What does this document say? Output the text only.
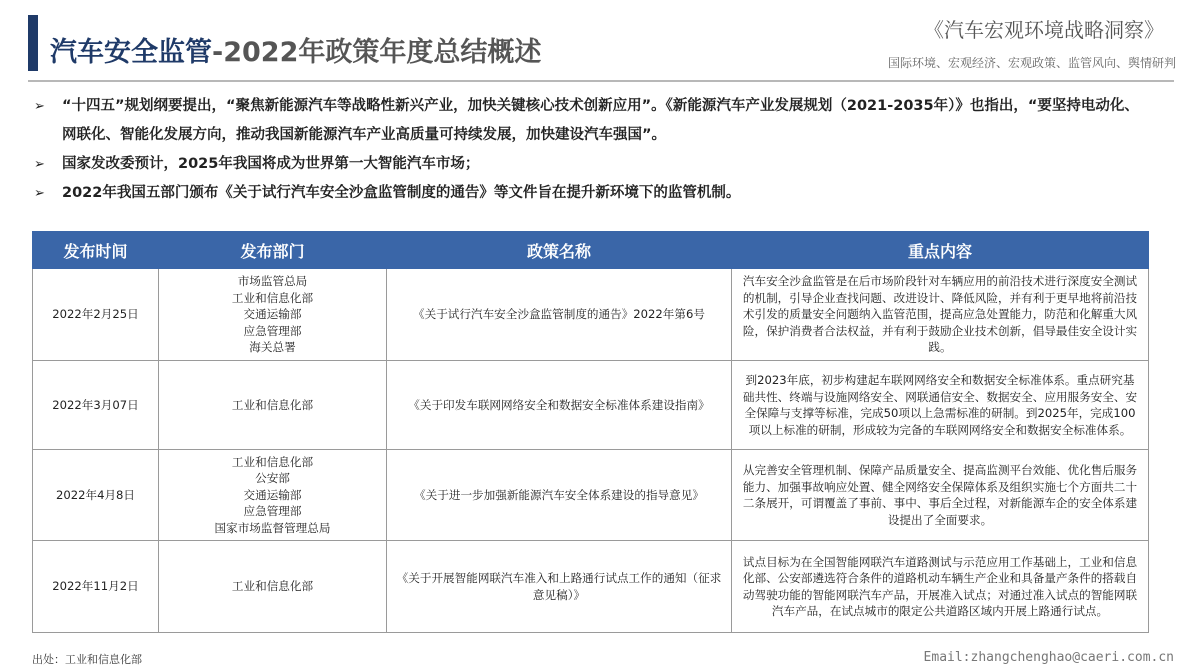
汽车安全监管-2022年政策年度总结概述
《汽车宏观环境战略洞察》
国际环境、宏观经济、宏观政策、监管风向、舆情研判
➢ “十四五”规划纲要提出，“聚焦新能源汽车等战略性新兴产业，加快关键核心技术创新应用”。《新能源汽车产业发展规划（2021-2035年）》也指出，“要坚持电动化、网联化、智能化发展方向，推动我国新能源汽车产业高质量可持续发展，加快建设汽车强国”。
➢ 国家发改委预计，2025年我国将成为世界第一大智能汽车市场；
➢ 2022年我国五部门颁布《关于试行汽车安全沙盒监管制度的通告》等文件旨在提升新环境下的监管机制。
发布时间	发布部门	政策名称	重点内容
2022年2月25日	市场监管总局
工业和信息化部
交通运输部
应急管理部
海关总署	《关于试行汽车安全沙盒监管制度的通告》2022年第6号	汽车安全沙盒监管是在后市场阶段针对车辆应用的前沿技术进行深度安全测试的机制，引导企业查找问题、改进设计、降低风险，并有利于更早地将前沿技术引发的质量安全问题纳入监管范围，提高应急处置能力，防范和化解重大风险，保护消费者合法权益，并有利于鼓励企业技术创新，倡导最佳安全设计实践。
2022年3月07日	工业和信息化部	《关于印发车联网网络安全和数据安全标准体系建设指南》	到2023年底，初步构建起车联网网络安全和数据安全标准体系。重点研究基础共性、终端与设施网络安全、网联通信安全、数据安全、应用服务安全、安全保障与支撑等标准，完成50项以上急需标准的研制。到2025年，完成100项以上标准的研制，形成较为完备的车联网网络安全和数据安全标准体系。
2022年4月8日	工业和信息化部
公安部
交通运输部
应急管理部
国家市场监督管理总局	《关于进一步加强新能源汽车安全体系建设的指导意见》	从完善安全管理机制、保障产品质量安全、提高监测平台效能、优化售后服务能力、加强事故响应处置、健全网络安全保障体系及组织实施七个方面共二十二条展开，可谓覆盖了事前、事中、事后全过程，对新能源车企的安全体系建设提出了全面要求。
2022年11月2日	工业和信息化部	《关于开展智能网联汽车准入和上路通行试点工作的通知（征求意见稿）》	试点目标为在全国智能网联汽车道路测试与示范应用工作基础上，工业和信息化部、公安部遴选符合条件的道路机动车辆生产企业和具备量产条件的搭载自动驾驶功能的智能网联汽车产品，开展准入试点；对通过准入试点的智能网联汽车产品，在试点城市的限定公共道路区域内开展上路通行试点。
出处：工业和信息化部	Email:zhangchenghao@caeri.com.cn
